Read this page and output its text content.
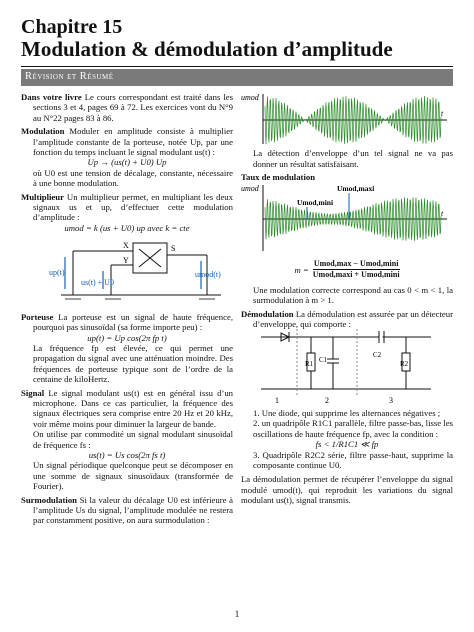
Chapitre 15
Modulation & démodulation d’amplitude
Révision et Résumé

Dans votre livre Le cours correspondant est traité dans les sections 3 et 4, pages 69 à 72. Les exercices vont du N°9 au N°22 pages 83 à 86.

Modulation Moduler en amplitude consiste à multiplier l’amplitude constante de la porteuse, notée Up, par une fonction du temps incluant le signal modulant us(t) :

Up → (us(t) + U0) Up

où U0 est une tension de décalage, constante, nécessaire à une bonne modulation.

Multiplieur Un multiplieur permet, en multipliant les deux signaux us et up, d’effectuer cette modulation d’amplitude :

umod = k (us + U0) up avec k = cte

X
Y
S
up(t)
us(t) + U0
umod(t)

Porteuse La porteuse est un signal de haute fréquence, pourquoi pas sinusoïdal (sa forme importe peu) :

up(t) = Up cos(2π fp t)

La fréquence fp est élevée, ce qui permet une propagation du signal avec une atténuation moindre. Des fréquences de porteuse typique sont de l’ordre de la centaine de kiloHertz.

Signal Le signal modulant us(t) est en général issu d’un microphone. Dans ce cas particulier, la fréquence des signaux électriques sera comprise entre 20 Hz et 20 kHz, voir même moins pour diminuer la largeur de bande.

On utilise par commodité un signal modulant sinusoïdal de fréquence fs :

us(t) = Us cos(2π fs t)

Un signal périodique quelconque peut se décomposer en une somme de signaux sinusoïdaux (transformée de Fourier).

Surmodulation Si la valeur du décalage U0 est inférieure à l’amplitude Us du signal, l’amplitude modulée ne restera par constamment positive, on aura surmodulation :

umod
t

La détection d’enveloppe d’un tel signal ne va pas donner un résultat satisfaisant.

Taux de modulation

umod
t
Umod,maxi
Umod,mini
m =
Umod,max − Umod,mini
Umod,maxi + Umod,mini

Une modulation correcte correspond au cas 0 < m < 1, la surmodulation à m > 1.

Démodulation La démodulation est assurée par un détecteur d’enveloppe, qui comporte :

R1 C1
C2
R2
1	2	3

1. Une diode, qui supprime les alternances négatives ;

2. un quadripôle R1C1 parallèle, filtre passe-bas, lisse les oscillations de haute fréquence fp, avec la condition :

fs < 1/R1C1 ≪ fp

3. Quadripôle R2C2 série, filtre passe-haut, supprime la composante continue U0.

La démodulation permet de récupérer l’enveloppe du signal modulé umod(t), qui reproduit les variations du signal modulant us(t), signal transmis.

1
